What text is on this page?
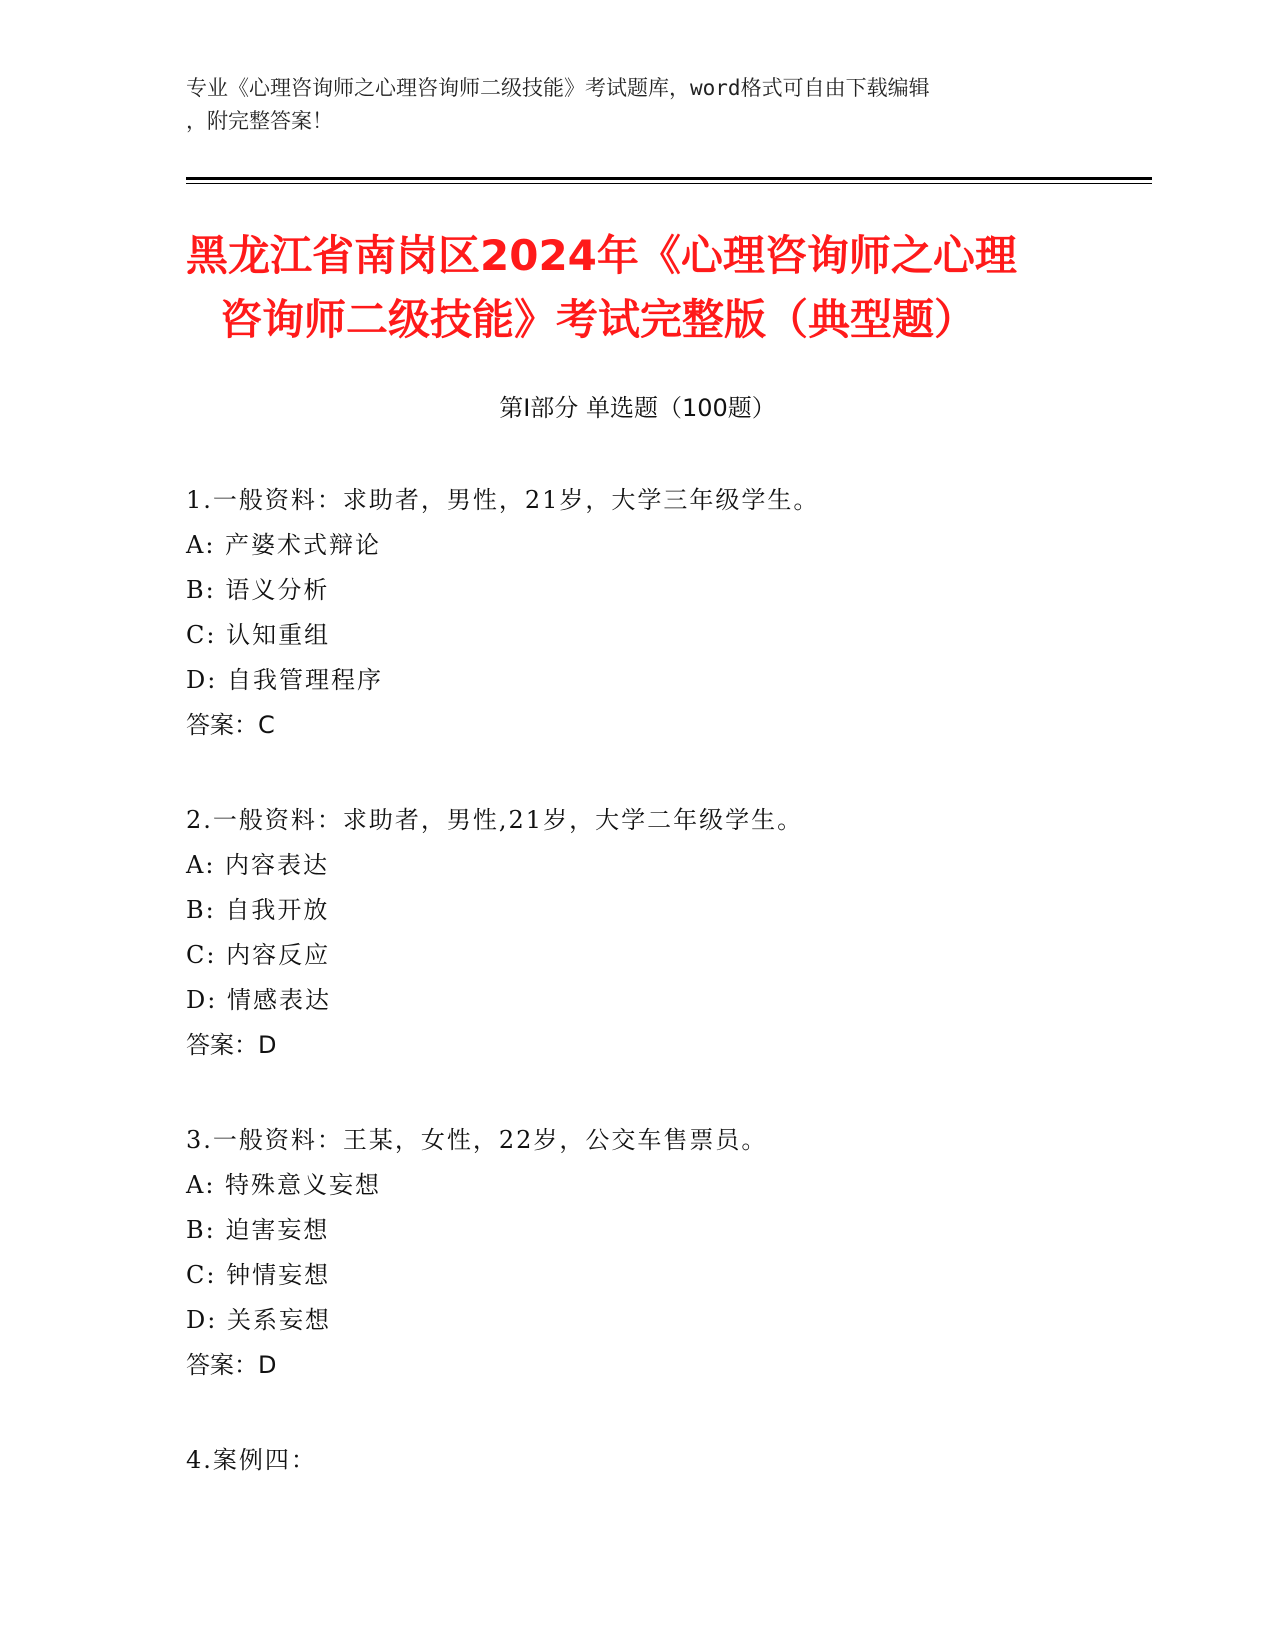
专业《心理咨询师之心理咨询师二级技能》考试题库，word格式可自由下载编辑
，附完整答案！
黑龙江省南岗区2024年《心理咨询师之心理
咨询师二级技能》考试完整版（典型题）
第Ⅰ部分 单选题（100题）
1.一般资料：求助者，男性，21岁，大学三年级学生。
A: 产婆术式辩论
B: 语义分析
C: 认知重组
D: 自我管理程序
答案：C
2.一般资料：求助者，男性,21岁，大学二年级学生。
A: 内容表达
B: 自我开放
C: 内容反应
D: 情感表达
答案：D
3.一般资料：王某，女性，22岁，公交车售票员。
A: 特殊意义妄想
B: 迫害妄想
C: 钟情妄想
D: 关系妄想
答案：D
4.案例四：
